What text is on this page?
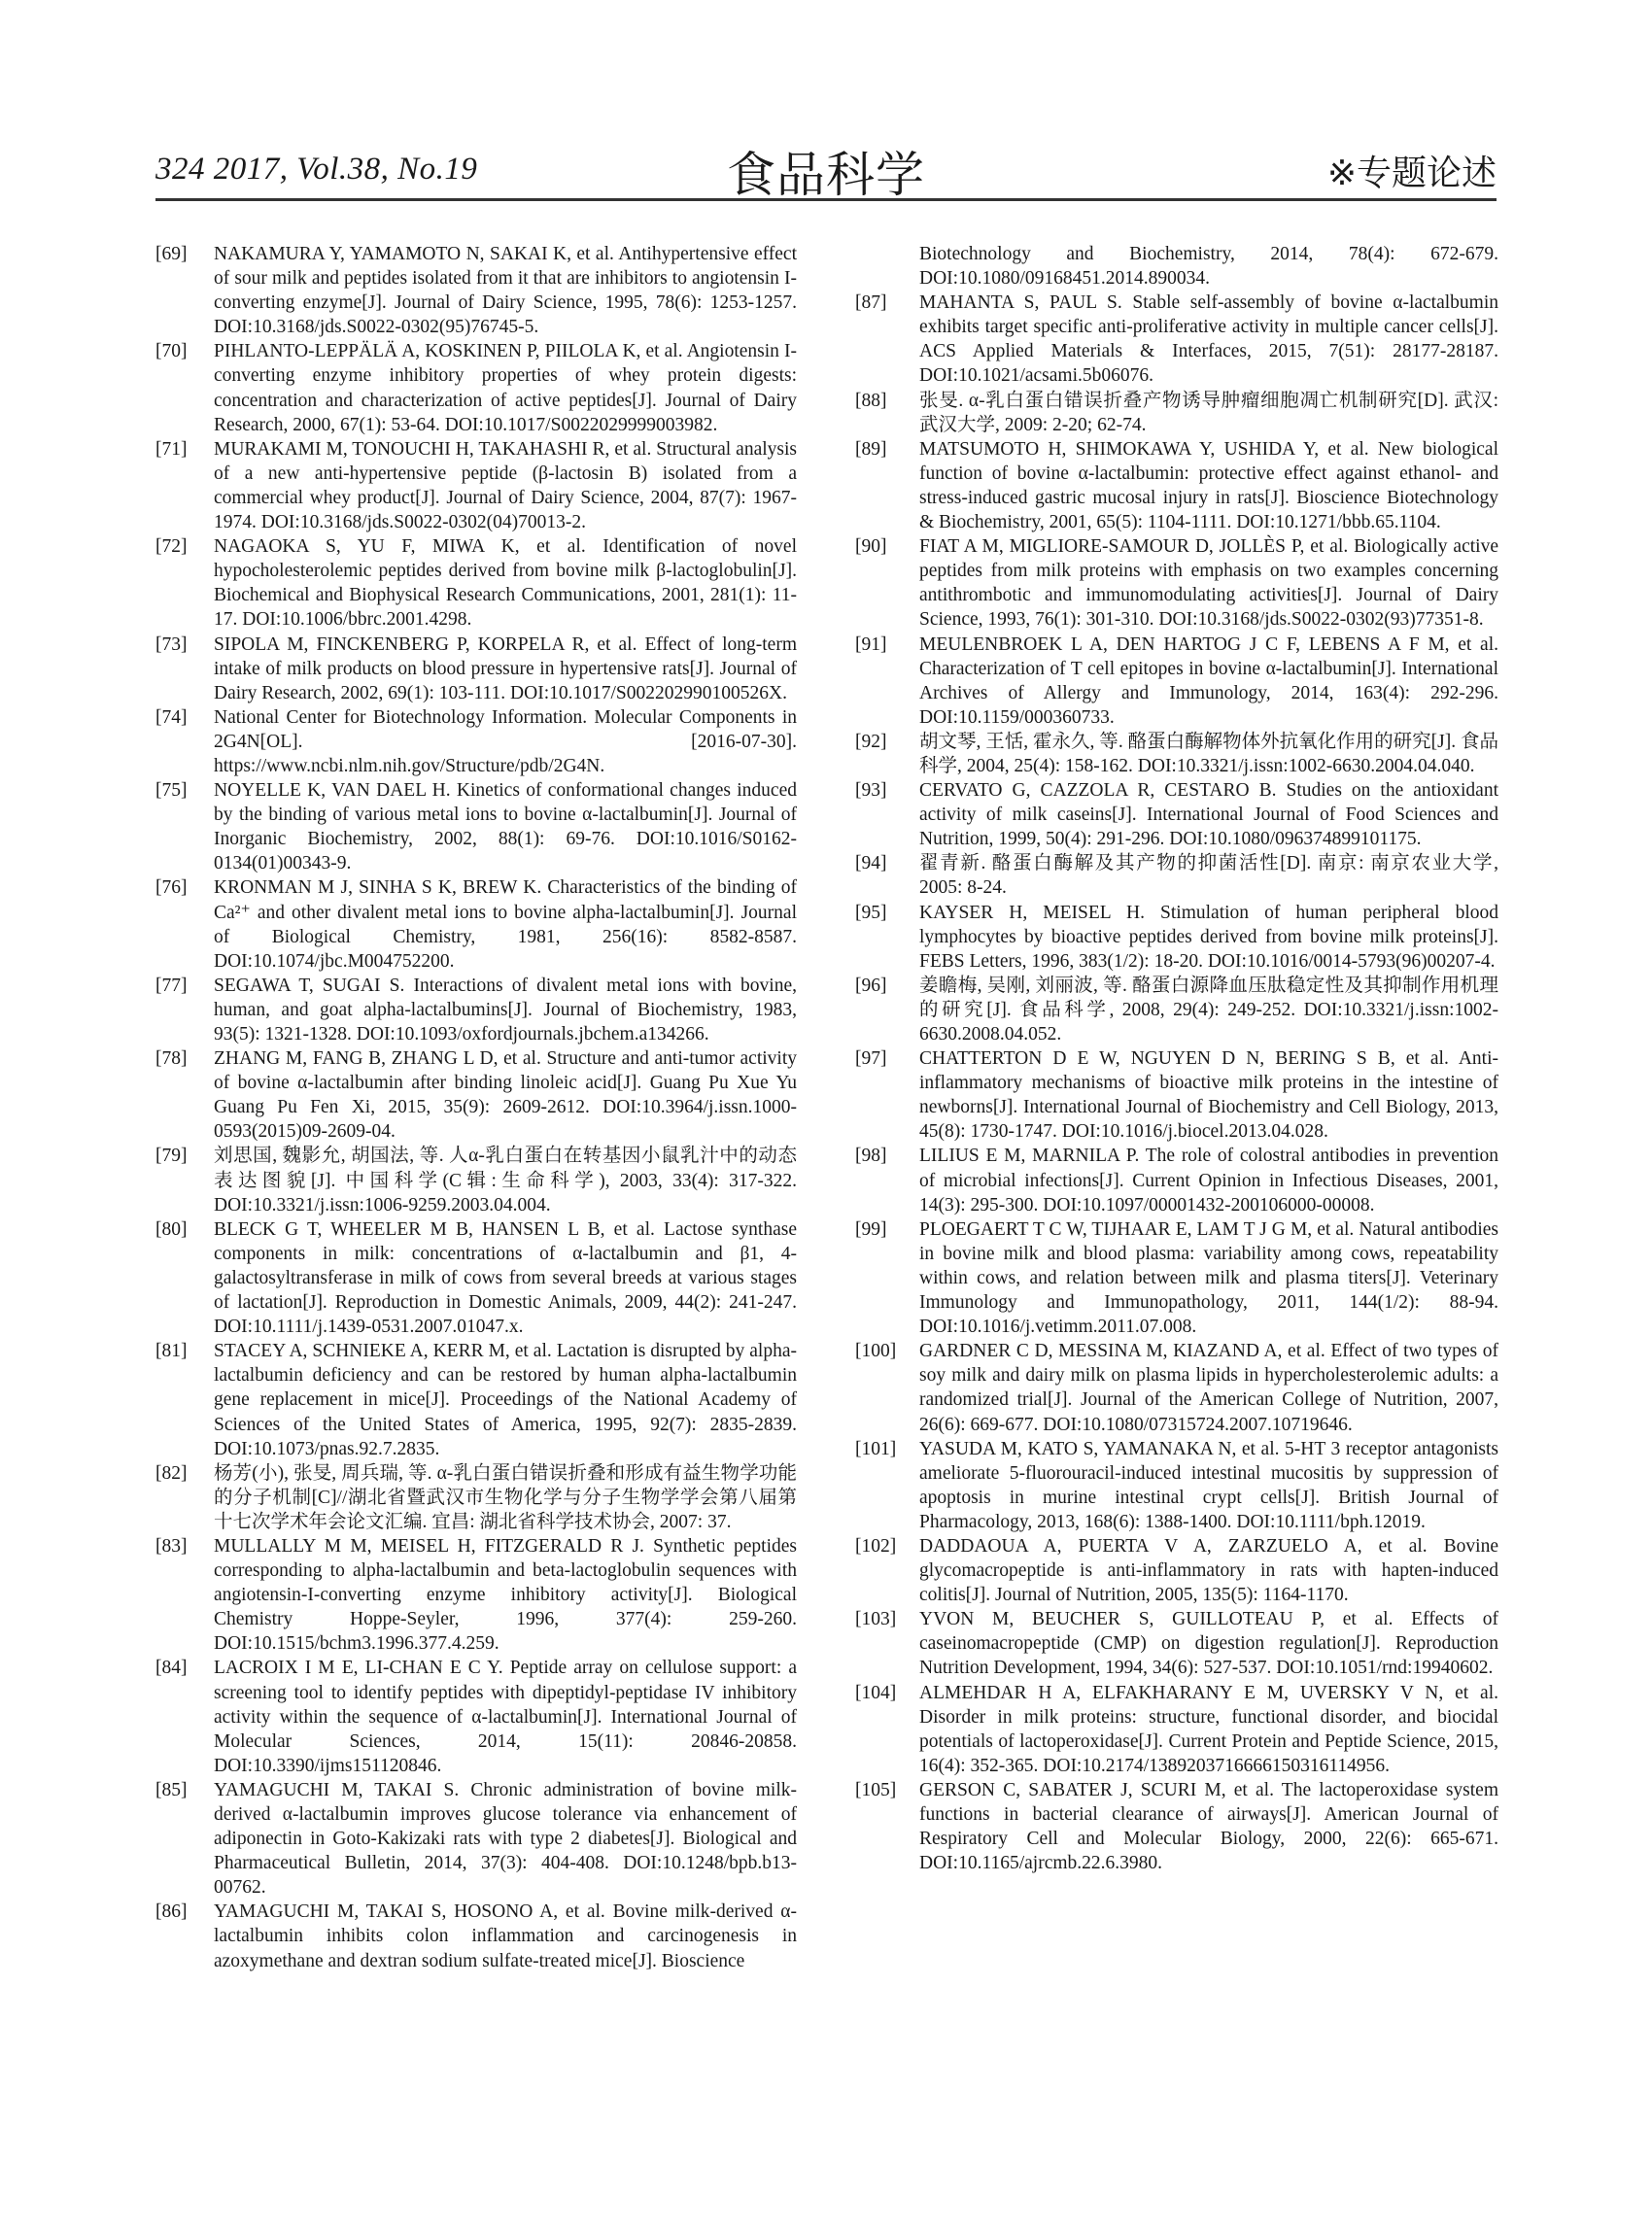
324 2017, Vol.38, No.19	食品科学	※专题论述
[69] NAKAMURA Y, YAMAMOTO N, SAKAI K, et al. Antihypertensive effect of sour milk and peptides isolated from it that are inhibitors to angiotensin I-converting enzyme[J]. Journal of Dairy Science, 1995, 78(6): 1253-1257. DOI:10.3168/jds.S0022-0302(95)76745-5.
[70] PIHLANTO-LEPPÄLÄ A, KOSKINEN P, PIILOLA K, et al. Angiotensin I-converting enzyme inhibitory properties of whey protein digests: concentration and characterization of active peptides[J]. Journal of Dairy Research, 2000, 67(1): 53-64. DOI:10.1017/S0022029999003982.
[71] MURAKAMI M, TONOUCHI H, TAKAHASHI R, et al. Structural analysis of a new anti-hypertensive peptide (β-lactosin B) isolated from a commercial whey product[J]. Journal of Dairy Science, 2004, 87(7): 1967-1974. DOI:10.3168/jds.S0022-0302(04)70013-2.
[72] NAGAOKA S, YU F, MIWA K, et al. Identification of novel hypocholesterolemic peptides derived from bovine milk β-lactoglobulin[J]. Biochemical and Biophysical Research Communications, 2001, 281(1): 11-17. DOI:10.1006/bbrc.2001.4298.
[73] SIPOLA M, FINCKENBERG P, KORPELA R, et al. Effect of long-term intake of milk products on blood pressure in hypertensive rats[J]. Journal of Dairy Research, 2002, 69(1): 103-111. DOI:10.1017/S002202990100526X.
[74] National Center for Biotechnology Information. Molecular Components in 2G4N[OL]. [2016-07-30]. https://www.ncbi.nlm.nih.gov/Structure/pdb/2G4N.
[75] NOYELLE K, VAN DAEL H. Kinetics of conformational changes induced by the binding of various metal ions to bovine α-lactalbumin[J]. Journal of Inorganic Biochemistry, 2002, 88(1): 69-76. DOI:10.1016/S0162-0134(01)00343-9.
[76] KRONMAN M J, SINHA S K, BREW K. Characteristics of the binding of Ca²⁺ and other divalent metal ions to bovine alpha-lactalbumin[J]. Journal of Biological Chemistry, 1981, 256(16): 8582-8587. DOI:10.1074/jbc.M004752200.
[77] SEGAWA T, SUGAI S. Interactions of divalent metal ions with bovine, human, and goat alpha-lactalbumins[J]. Journal of Biochemistry, 1983, 93(5): 1321-1328. DOI:10.1093/oxfordjournals.jbchem.a134266.
[78] ZHANG M, FANG B, ZHANG L D, et al. Structure and anti-tumor activity of bovine α-lactalbumin after binding linoleic acid[J]. Guang Pu Xue Yu Guang Pu Fen Xi, 2015, 35(9): 2609-2612. DOI:10.3964/j.issn.1000-0593(2015)09-2609-04.
[79] 刘思国, 魏影允, 胡国法, 等. 人α-乳白蛋白在转基因小鼠乳汁中的动态表达图貌[J]. 中国科学(C辑:生命科学), 2003, 33(4): 317-322. DOI:10.3321/j.issn:1006-9259.2003.04.004.
[80] BLECK G T, WHEELER M B, HANSEN L B, et al. Lactose synthase components in milk: concentrations of α-lactalbumin and β1, 4-galactosyltransferase in milk of cows from several breeds at various stages of lactation[J]. Reproduction in Domestic Animals, 2009, 44(2): 241-247. DOI:10.1111/j.1439-0531.2007.01047.x.
[81] STACEY A, SCHNIEKE A, KERR M, et al. Lactation is disrupted by alpha-lactalbumin deficiency and can be restored by human alpha-lactalbumin gene replacement in mice[J]. Proceedings of the National Academy of Sciences of the United States of America, 1995, 92(7): 2835-2839. DOI:10.1073/pnas.92.7.2835.
[82] 杨芳(小), 张旻, 周兵瑞, 等. α-乳白蛋白错误折叠和形成有益生物学功能的分子机制[C]//湖北省暨武汉市生物化学与分子生物学学会第八届第十七次学术年会论文汇编. 宜昌: 湖北省科学技术协会, 2007: 37.
[83] MULLALLY M M, MEISEL H, FITZGERALD R J. Synthetic peptides corresponding to alpha-lactalbumin and beta-lactoglobulin sequences with angiotensin-I-converting enzyme inhibitory activity[J]. Biological Chemistry Hoppe-Seyler, 1996, 377(4): 259-260. DOI:10.1515/bchm3.1996.377.4.259.
[84] LACROIX I M E, LI-CHAN E C Y. Peptide array on cellulose support: a screening tool to identify peptides with dipeptidyl-peptidase IV inhibitory activity within the sequence of α-lactalbumin[J]. International Journal of Molecular Sciences, 2014, 15(11): 20846-20858. DOI:10.3390/ijms151120846.
[85] YAMAGUCHI M, TAKAI S. Chronic administration of bovine milk-derived α-lactalbumin improves glucose tolerance via enhancement of adiponectin in Goto-Kakizaki rats with type 2 diabetes[J]. Biological and Pharmaceutical Bulletin, 2014, 37(3): 404-408. DOI:10.1248/bpb.b13-00762.
[86] YAMAGUCHI M, TAKAI S, HOSONO A, et al. Bovine milk-derived α-lactalbumin inhibits colon inflammation and carcinogenesis in azoxymethane and dextran sodium sulfate-treated mice[J]. Bioscience
Biotechnology and Biochemistry, 2014, 78(4): 672-679. DOI:10.1080/09168451.2014.890034.
[87] MAHANTA S, PAUL S. Stable self-assembly of bovine α-lactalbumin exhibits target specific anti-proliferative activity in multiple cancer cells[J]. ACS Applied Materials & Interfaces, 2015, 7(51): 28177-28187. DOI:10.1021/acsami.5b06076.
[88] 张旻. α-乳白蛋白错误折叠产物诱导肿瘤细胞凋亡机制研究[D]. 武汉: 武汉大学, 2009: 2-20; 62-74.
[89] MATSUMOTO H, SHIMOKAWA Y, USHIDA Y, et al. New biological function of bovine α-lactalbumin: protective effect against ethanol- and stress-induced gastric mucosal injury in rats[J]. Bioscience Biotechnology & Biochemistry, 2001, 65(5): 1104-1111. DOI:10.1271/bbb.65.1104.
[90] FIAT A M, MIGLIORE-SAMOUR D, JOLLÈS P, et al. Biologically active peptides from milk proteins with emphasis on two examples concerning antithrombotic and immunomodulating activities[J]. Journal of Dairy Science, 1993, 76(1): 301-310. DOI:10.3168/jds.S0022-0302(93)77351-8.
[91] MEULENBROEK L A, DEN HARTOG J C F, LEBENS A F M, et al. Characterization of T cell epitopes in bovine α-lactalbumin[J]. International Archives of Allergy and Immunology, 2014, 163(4): 292-296. DOI:10.1159/000360733.
[92] 胡文琴, 王恬, 霍永久, 等. 酪蛋白酶解物体外抗氧化作用的研究[J]. 食品科学, 2004, 25(4): 158-162. DOI:10.3321/j.issn:1002-6630.2004.04.040.
[93] CERVATO G, CAZZOLA R, CESTARO B. Studies on the antioxidant activity of milk caseins[J]. International Journal of Food Sciences and Nutrition, 1999, 50(4): 291-296. DOI:10.1080/096374899101175.
[94] 翟青新. 酪蛋白酶解及其产物的抑菌活性[D]. 南京: 南京农业大学, 2005: 8-24.
[95] KAYSER H, MEISEL H. Stimulation of human peripheral blood lymphocytes by bioactive peptides derived from bovine milk proteins[J]. FEBS Letters, 1996, 383(1/2): 18-20. DOI:10.1016/0014-5793(96)00207-4.
[96] 姜瞻梅, 吴刚, 刘丽波, 等. 酪蛋白源降血压肽稳定性及其抑制作用机理的研究[J]. 食品科学, 2008, 29(4): 249-252. DOI:10.3321/j.issn:1002-6630.2008.04.052.
[97] CHATTERTON D E W, NGUYEN D N, BERING S B, et al. Anti-inflammatory mechanisms of bioactive milk proteins in the intestine of newborns[J]. International Journal of Biochemistry and Cell Biology, 2013, 45(8): 1730-1747. DOI:10.1016/j.biocel.2013.04.028.
[98] LILIUS E M, MARNILA P. The role of colostral antibodies in prevention of microbial infections[J]. Current Opinion in Infectious Diseases, 2001, 14(3): 295-300. DOI:10.1097/00001432-200106000-00008.
[99] PLOEGAERT T C W, TIJHAAR E, LAM T J G M, et al. Natural antibodies in bovine milk and blood plasma: variability among cows, repeatability within cows, and relation between milk and plasma titers[J]. Veterinary Immunology and Immunopathology, 2011, 144(1/2): 88-94. DOI:10.1016/j.vetimm.2011.07.008.
[100] GARDNER C D, MESSINA M, KIAZAND A, et al. Effect of two types of soy milk and dairy milk on plasma lipids in hypercholesterolemic adults: a randomized trial[J]. Journal of the American College of Nutrition, 2007, 26(6): 669-677. DOI:10.1080/07315724.2007.10719646.
[101] YASUDA M, KATO S, YAMANAKA N, et al. 5-HT 3 receptor antagonists ameliorate 5-fluorouracil-induced intestinal mucositis by suppression of apoptosis in murine intestinal crypt cells[J]. British Journal of Pharmacology, 2013, 168(6): 1388-1400. DOI:10.1111/bph.12019.
[102] DADDAOUA A, PUERTA V A, ZARZUELO A, et al. Bovine glycomacropeptide is anti-inflammatory in rats with hapten-induced colitis[J]. Journal of Nutrition, 2005, 135(5): 1164-1170.
[103] YVON M, BEUCHER S, GUILLOTEAU P, et al. Effects of caseinomacropeptide (CMP) on digestion regulation[J]. Reproduction Nutrition Development, 1994, 34(6): 527-537. DOI:10.1051/rnd:19940602.
[104] ALMEHDAR H A, ELFAKHARANY E M, UVERSKY V N, et al. Disorder in milk proteins: structure, functional disorder, and biocidal potentials of lactoperoxidase[J]. Current Protein and Peptide Science, 2015, 16(4): 352-365. DOI:10.2174/1389203716666150316114956.
[105] GERSON C, SABATER J, SCURI M, et al. The lactoperoxidase system functions in bacterial clearance of airways[J]. American Journal of Respiratory Cell and Molecular Biology, 2000, 22(6): 665-671. DOI:10.1165/ajrcmb.22.6.3980.
